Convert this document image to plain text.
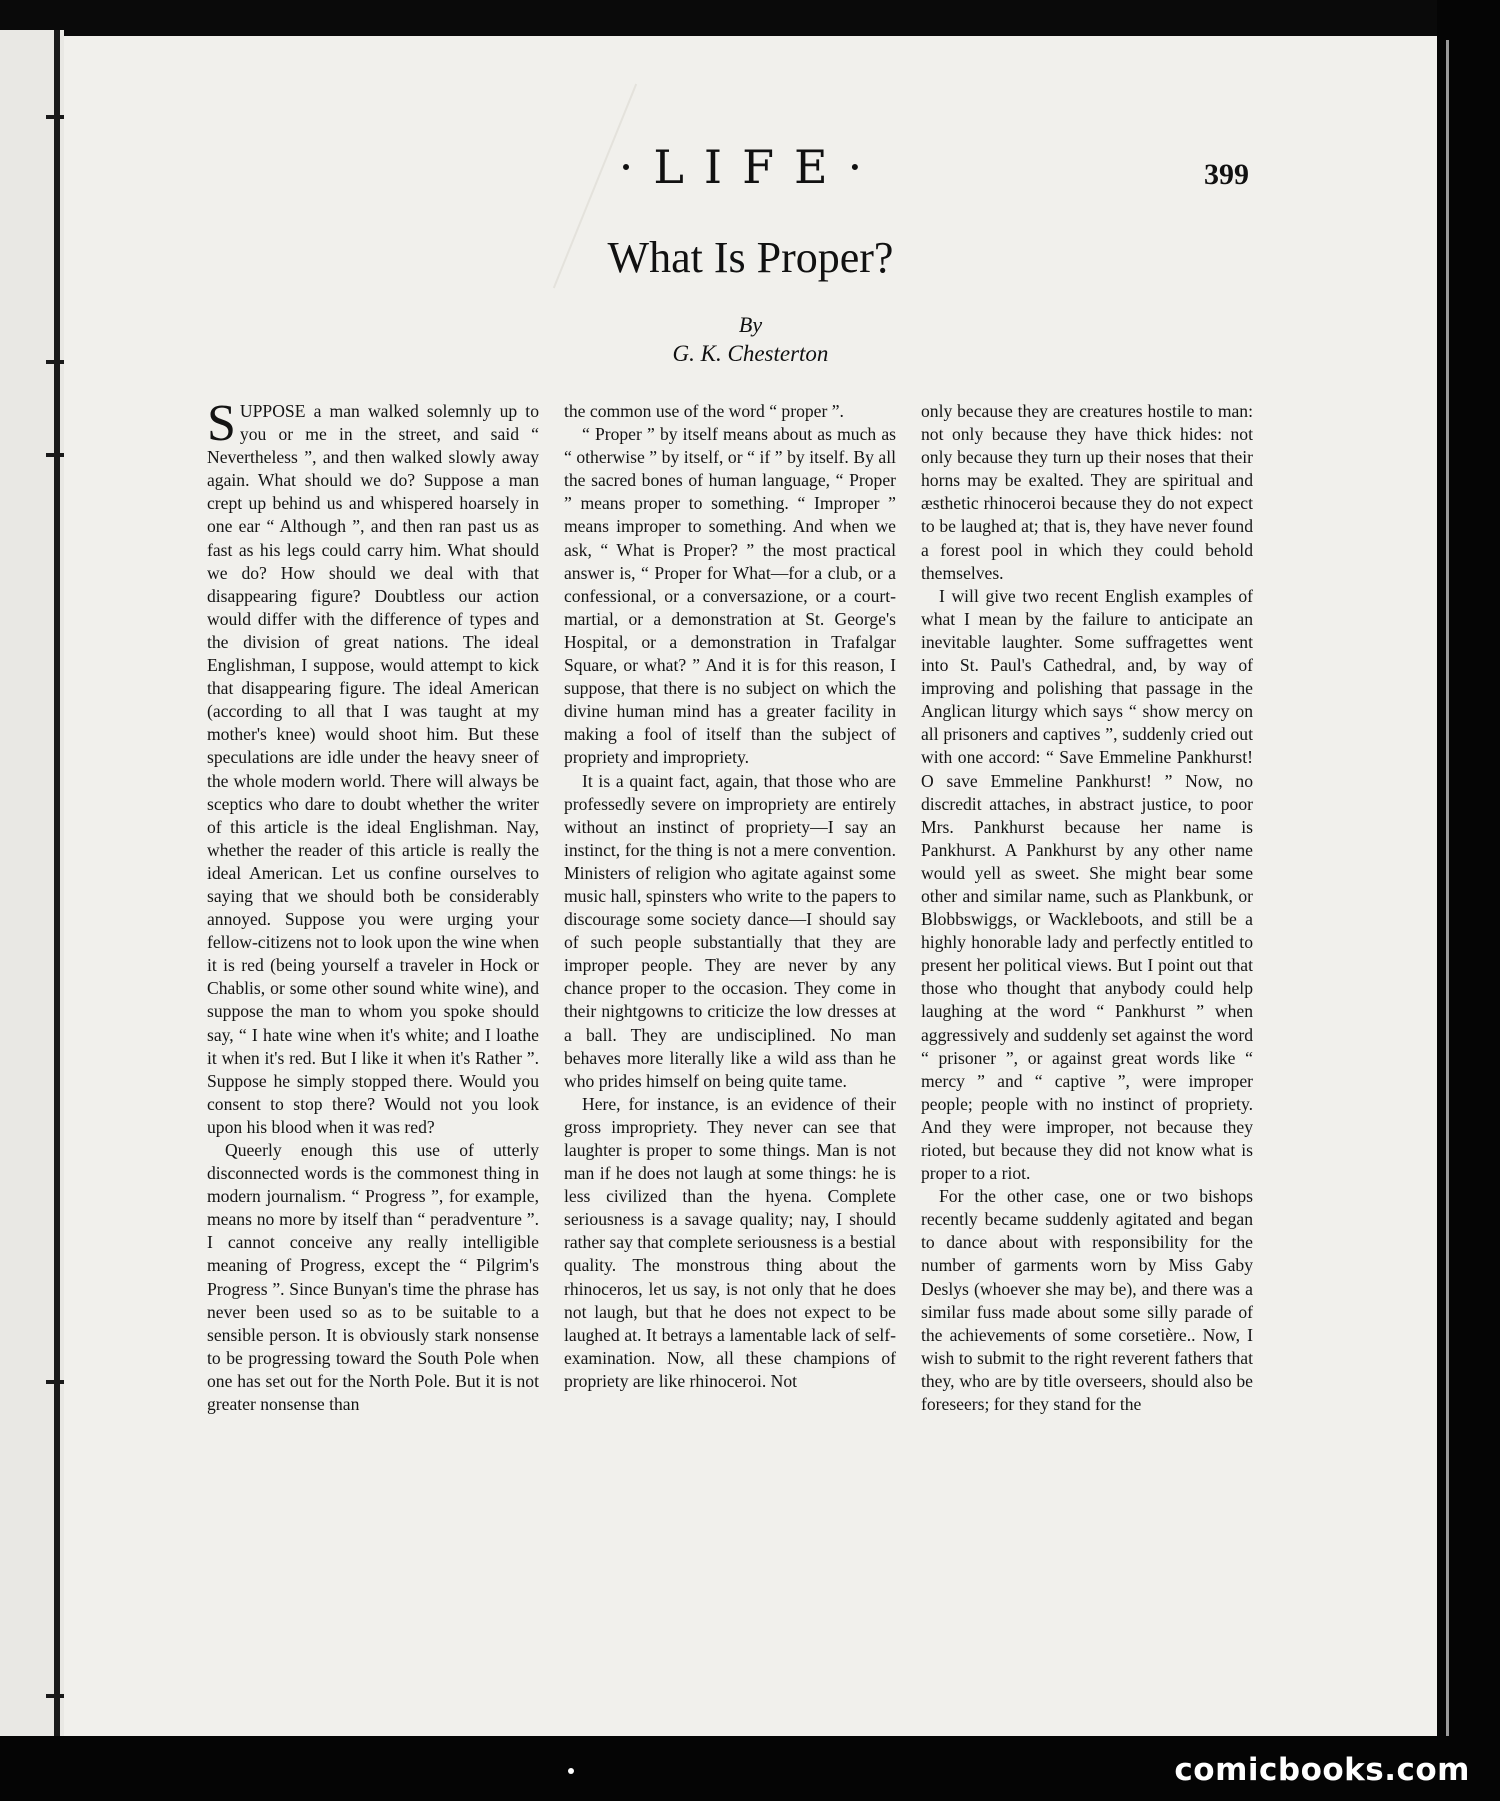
·LIFE·	399
What Is Proper?
By
G. K. Chesterton

SUPPOSE a man walked solemnly up to you or me in the street, and said “ Nevertheless ”, and then walked slowly away again. What should we do? Suppose a man crept up behind us and whispered hoarsely in one ear “ Although ”, and then ran past us as fast as his legs could carry him. What should we do? How should we deal with that disappearing figure? Doubtless our action would differ with the difference of types and the division of great nations. The ideal Englishman, I suppose, would attempt to kick that disappearing figure. The ideal American (according to all that I was taught at my mother's knee) would shoot him. But these speculations are idle under the heavy sneer of the whole modern world. There will always be sceptics who dare to doubt whether the writer of this article is the ideal Englishman. Nay, whether the reader of this article is really the ideal American. Let us confine ourselves to saying that we should both be considerably annoyed. Suppose you were urging your fellow-citizens not to look upon the wine when it is red (being yourself a traveler in Hock or Chablis, or some other sound white wine), and suppose the man to whom you spoke should say, “ I hate wine when it's white; and I loathe it when it's red. But I like it when it's Rather ”. Suppose he simply stopped there. Would you consent to stop there? Would not you look upon his blood when it was red?

Queerly enough this use of utterly disconnected words is the commonest thing in modern journalism. “ Progress ”, for example, means no more by itself than “ peradventure ”. I cannot conceive any really intelligible meaning of Progress, except the “ Pilgrim's Progress ”. Since Bunyan's time the phrase has never been used so as to be suitable to a sensible person. It is obviously stark nonsense to be progressing toward the South Pole when one has set out for the North Pole. But it is not greater nonsense than

the common use of the word “ proper ”.

“ Proper ” by itself means about as much as “ otherwise ” by itself, or “ if ” by itself. By all the sacred bones of human language, “ Proper ” means proper to something. “ Improper ” means improper to something. And when we ask, “ What is Proper? ” the most practical answer is, “ Proper for What—for a club, or a confessional, or a conversazione, or a court-martial, or a demonstration at St. George's Hospital, or a demonstration in Trafalgar Square, or what? ” And it is for this reason, I suppose, that there is no subject on which the divine human mind has a greater facility in making a fool of itself than the subject of propriety and impropriety.

It is a quaint fact, again, that those who are professedly severe on impropriety are entirely without an instinct of propriety—I say an instinct, for the thing is not a mere convention. Ministers of religion who agitate against some music hall, spinsters who write to the papers to discourage some society dance—I should say of such people substantially that they are improper people. They are never by any chance proper to the occasion. They come in their nightgowns to criticize the low dresses at a ball. They are undisciplined. No man behaves more literally like a wild ass than he who prides himself on being quite tame.

Here, for instance, is an evidence of their gross impropriety. They never can see that laughter is proper to some things. Man is not man if he does not laugh at some things: he is less civilized than the hyena. Complete seriousness is a savage quality; nay, I should rather say that complete seriousness is a bestial quality. The monstrous thing about the rhinoceros, let us say, is not only that he does not laugh, but that he does not expect to be laughed at. It betrays a lamentable lack of self-examination. Now, all these champions of propriety are like rhinoceroi. Not

only because they are creatures hostile to man: not only because they have thick hides: not only because they turn up their noses that their horns may be exalted. They are spiritual and æsthetic rhinoceroi because they do not expect to be laughed at; that is, they have never found a forest pool in which they could behold themselves.

I will give two recent English examples of what I mean by the failure to anticipate an inevitable laughter. Some suffragettes went into St. Paul's Cathedral, and, by way of improving and polishing that passage in the Anglican liturgy which says “ show mercy on all prisoners and captives ”, suddenly cried out with one accord: “ Save Emmeline Pankhurst! O save Emmeline Pankhurst! ” Now, no discredit attaches, in abstract justice, to poor Mrs. Pankhurst because her name is Pankhurst. A Pankhurst by any other name would yell as sweet. She might bear some other and similar name, such as Plankbunk, or Blobbswiggs, or Wackleboots, and still be a highly honorable lady and perfectly entitled to present her political views. But I point out that those who thought that anybody could help laughing at the word “ Pankhurst ” when aggressively and suddenly set against the word “ prisoner ”, or against great words like “ mercy ” and “ captive ”, were improper people; people with no instinct of propriety. And they were improper, not because they rioted, but because they did not know what is proper to a riot.

For the other case, one or two bishops recently became suddenly agitated and began to dance about with responsibility for the number of garments worn by Miss Gaby Deslys (whoever she may be), and there was a similar fuss made about some silly parade of the achievements of some corsetière.. Now, I wish to submit to the right reverent fathers that they, who are by title overseers, should also be foreseers; for they stand for the

comicbooks.com
